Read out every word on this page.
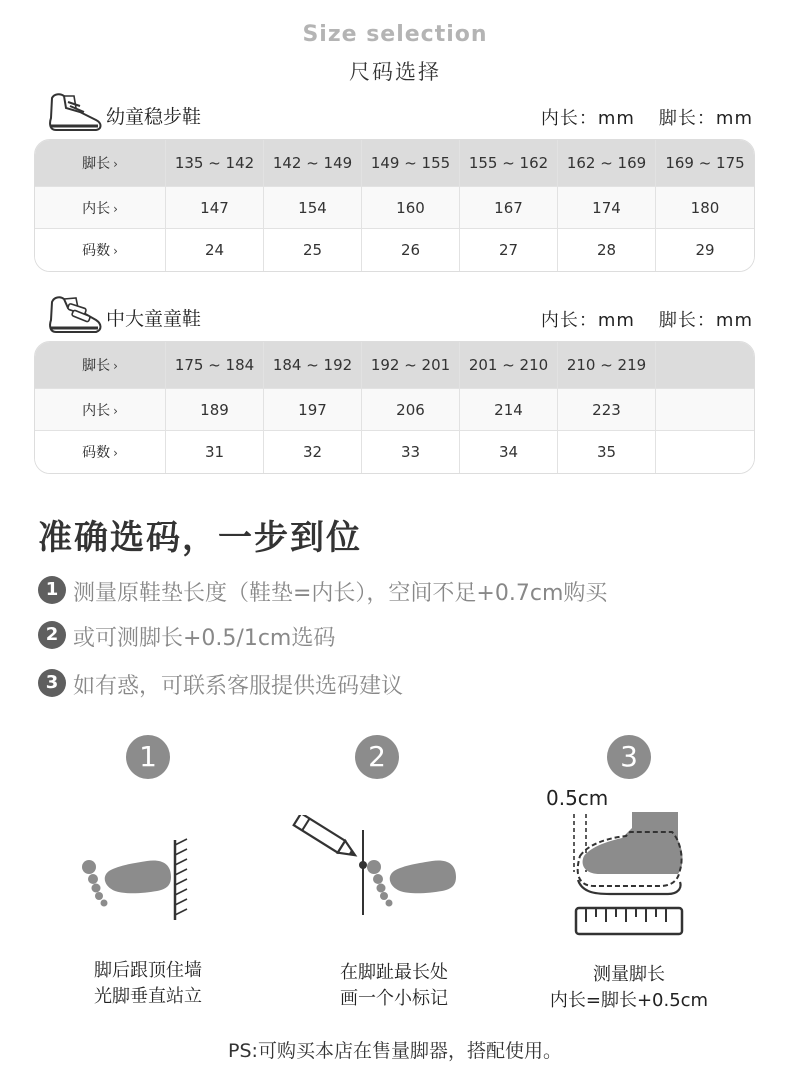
Size selection
尺码选择
幼童稳步鞋	内长：mm 脚长：mm
脚长 ›	135 ~ 142	142 ~ 149	149 ~ 155	155 ~ 162	162 ~ 169	169 ~ 175
内长 ›	147	154	160	167	174	180
码数 ›	24	25	26	27	28	29
中大童童鞋	内长：mm 脚长：mm
脚长 ›	175 ~ 184	184 ~ 192	192 ~ 201	201 ~ 210	210 ~ 219	
内长 ›	189	197	206	214	223	
码数 ›	31	32	33	34	35	
准确选码，一步到位
1 测量原鞋垫长度（鞋垫=内长），空间不足+0.7cm购买
2 或可测脚长+0.5/1cm选码
3 如有惑，可联系客服提供选码建议
1
脚后跟顶住墙
光脚垂直站立
2
在脚趾最长处
画一个小标记
3
0.5cm
测量脚长
内长=脚长+0.5cm
PS:可购买本店在售量脚器，搭配使用。
